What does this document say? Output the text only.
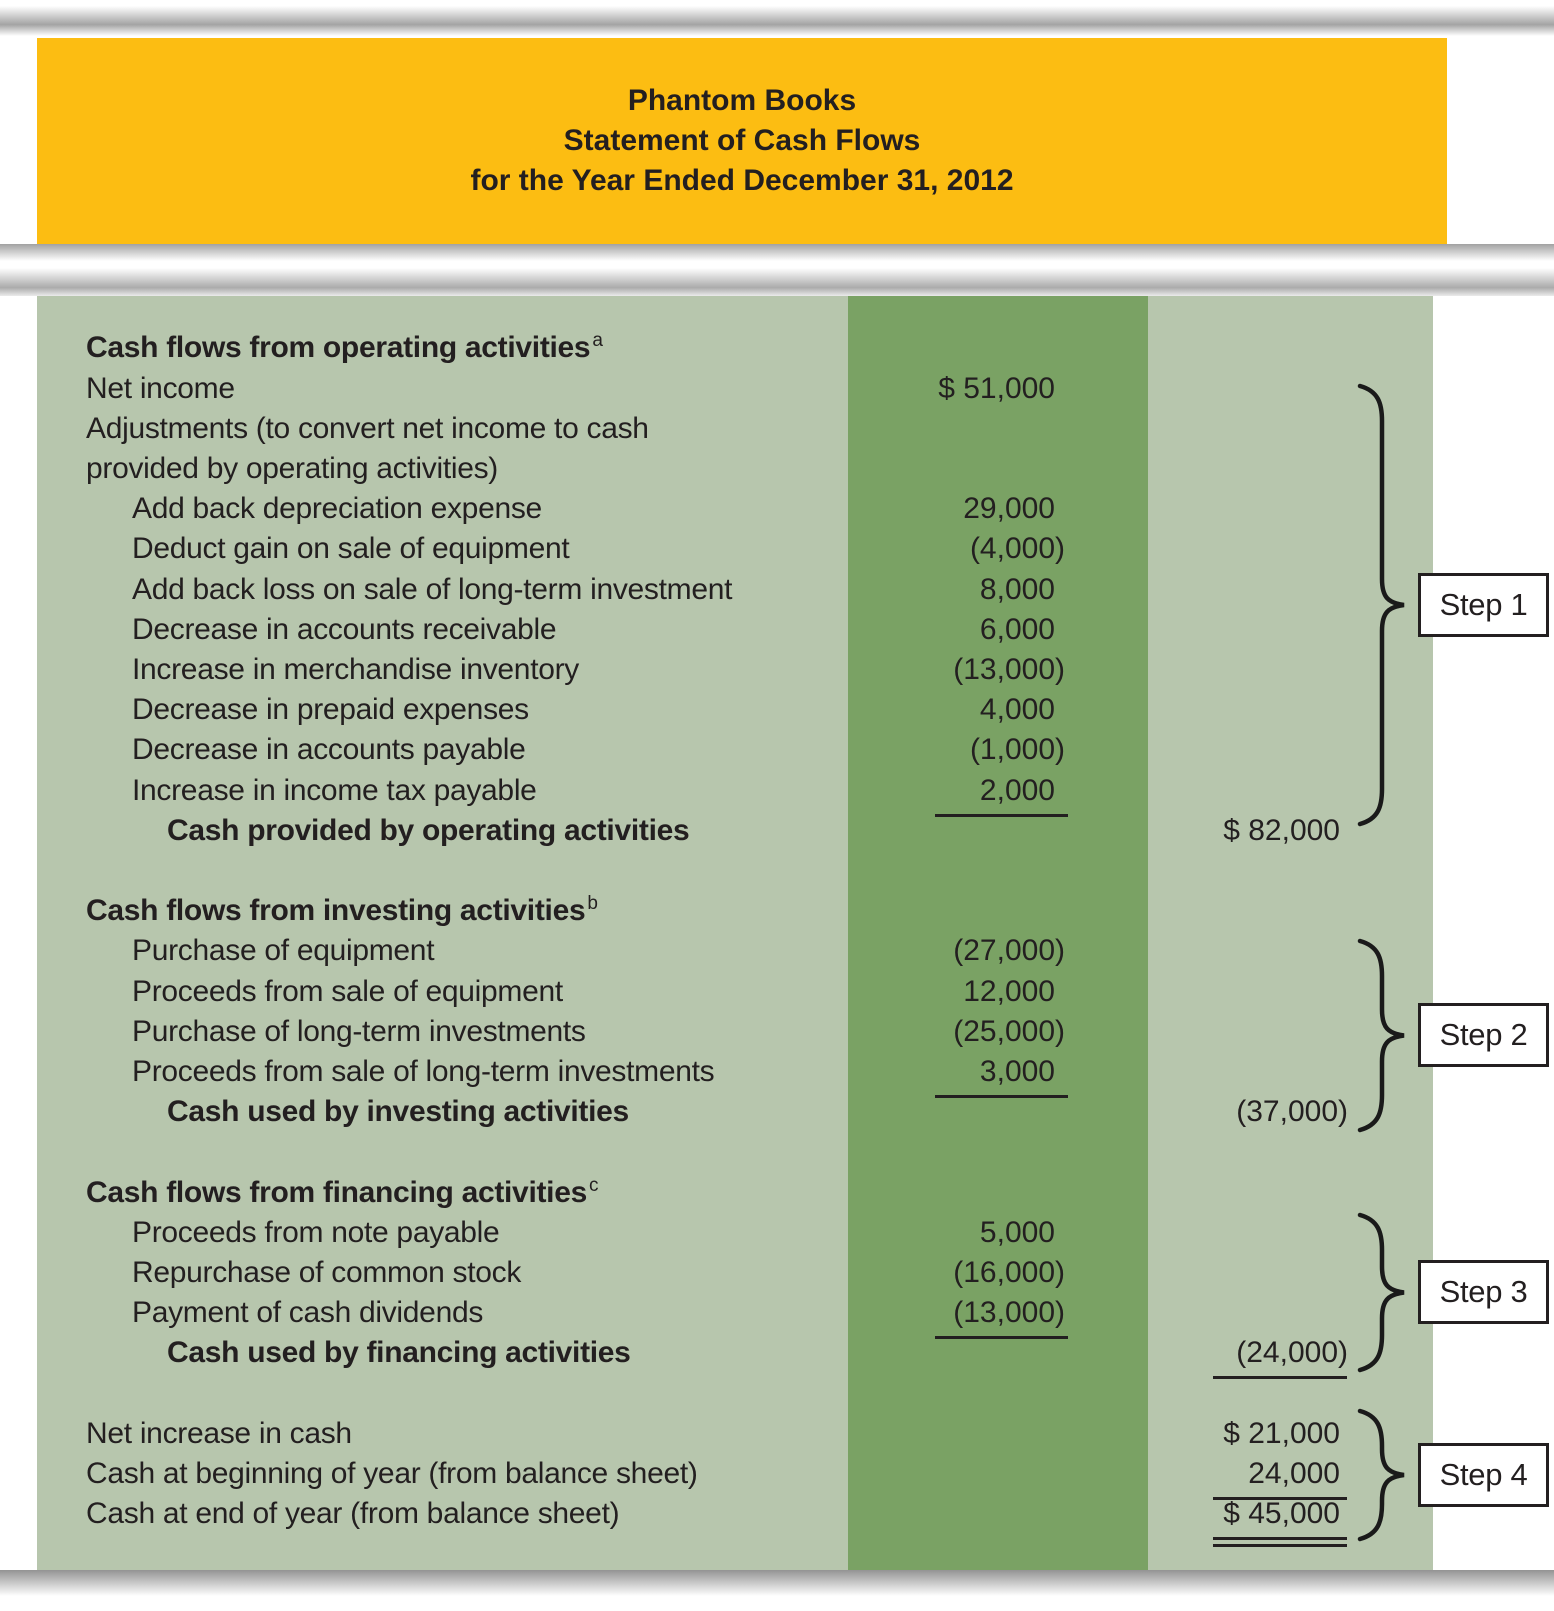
Phantom Books
Statement of Cash Flows
for the Year Ended December 31, 2012
Cash flows from operating activities $^a$
Net income	$ 51,000
Adjustments (to convert net income to cash
provided by operating activities)
Add back depreciation expense	29,000
Deduct gain on sale of equipment	(4,000)
Add back loss on sale of long-term investment	8,000
Decrease in accounts receivable	6,000
Increase in merchandise inventory	(13,000)
Decrease in prepaid expenses	4,000
Decrease in accounts payable	(1,000)
Increase in income tax payable	2,000
Cash provided by operating activities	$ 82,000
Cash flows from investing activities $^b$
Purchase of equipment	(27,000)
Proceeds from sale of equipment	12,000
Purchase of long-term investments	(25,000)
Proceeds from sale of long-term investments	3,000
Cash used by investing activities	(37,000)
Cash flows from financing activities $^c$
Proceeds from note payable	5,000
Repurchase of common stock	(16,000)
Payment of cash dividends	(13,000)
Cash used by financing activities	(24,000)
Net increase in cash	$ 21,000
Cash at beginning of year (from balance sheet)	24,000
Cash at end of year (from balance sheet)	$ 45,000
Step 1
Step 2
Step 3
Step 4
